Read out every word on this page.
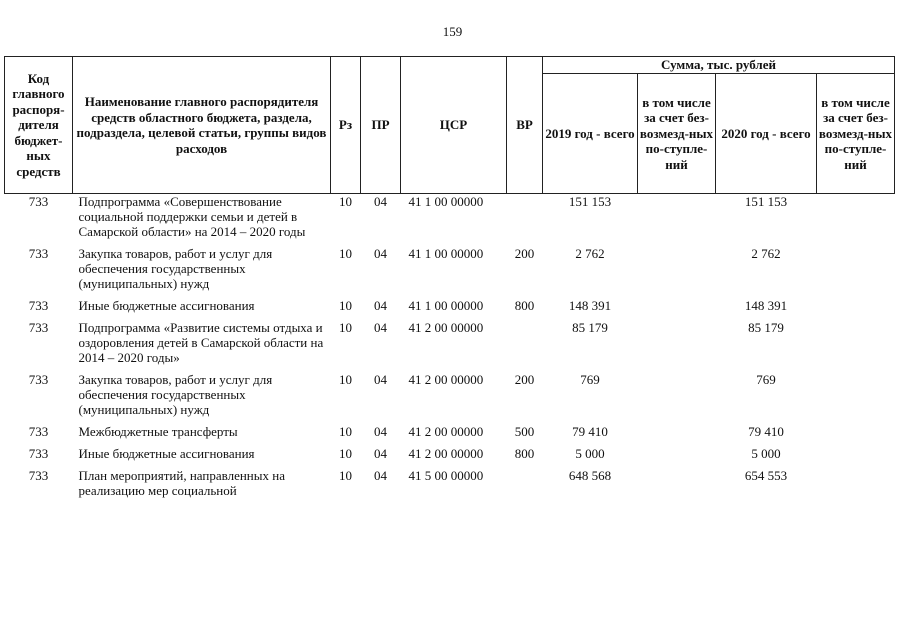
159
Код главного распоря-дителя бюджет-ных средств	Наименование главного распорядителя средств областного бюджета, раздела, подраздела, целевой статьи, группы видов расходов	Рз	ПР	ЦСР	ВР	Сумма, тыс. рублей			
						2019 год - всего	в том числе за счет без-возмезд-ных по-ступле-ний	2020 год - всего	в том числе за счет без-возмезд-ных по-ступле-ний
733	Подпрограмма «Совершенствование социальной поддержки семьи и детей в Самарской области» на 2014 – 2020 годы	10	04	41 1 00 00000		151 153		151 153	
733	Закупка товаров, работ и услуг для обеспечения государственных (муниципальных) нужд	10	04	41 1 00 00000	200	2 762		2 762	
733	Иные бюджетные ассигнования	10	04	41 1 00 00000	800	148 391		148 391	
733	Подпрограмма «Развитие системы отдыха и оздоровления детей в Самарской области на 2014 – 2020 годы»	10	04	41 2 00 00000		85 179		85 179	
733	Закупка товаров, работ и услуг для обеспечения государственных (муниципальных) нужд	10	04	41 2 00 00000	200	769		769	
733	Межбюджетные трансферты	10	04	41 2 00 00000	500	79 410		79 410	
733	Иные бюджетные ассигнования	10	04	41 2 00 00000	800	5 000		5 000	
733	План мероприятий, направленных на реализацию мер социальной	10	04	41 5 00 00000		648 568		654 553	
